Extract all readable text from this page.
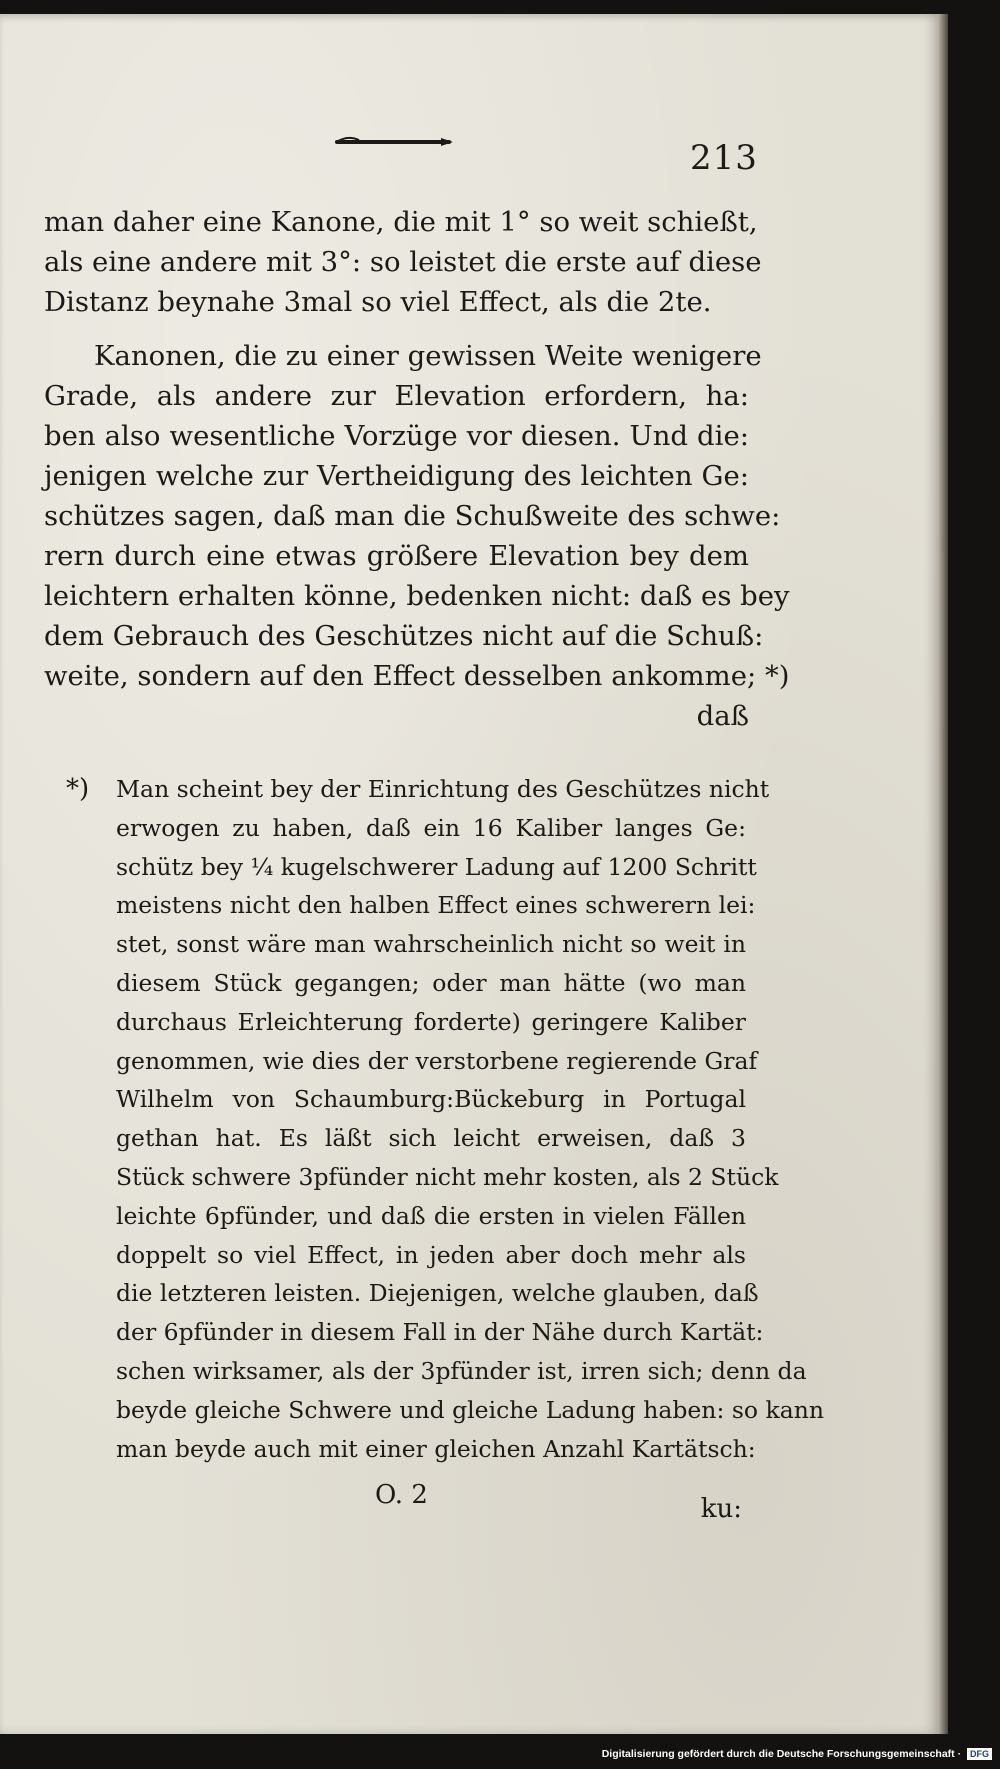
213
man daher eine Kanone, die mit 1° so weit schießt,
als eine andere mit 3°: so leistet die erste auf diese
Distanz beynahe 3mal so viel Effect, als die 2te.
Kanonen, die zu einer gewissen Weite wenigere
Grade, als andere zur Elevation erfordern, ha:
ben also wesentliche Vorzüge vor diesen. Und die:
jenigen welche zur Vertheidigung des leichten Ge:
schützes sagen, daß man die Schußweite des schwe:
rern durch eine etwas größere Elevation bey dem
leichtern erhalten könne, bedenken nicht: daß es bey
dem Gebrauch des Geschützes nicht auf die Schuß:
weite, sondern auf den Effect desselben ankomme; *)
daß
*) Man scheint bey der Einrichtung des Geschützes nicht
erwogen zu haben, daß ein 16 Kaliber langes Ge:
schütz bey ¼ kugelschwerer Ladung auf 1200 Schritt
meistens nicht den halben Effect eines schwerern lei:
stet, sonst wäre man wahrscheinlich nicht so weit in
diesem Stück gegangen; oder man hätte (wo man
durchaus Erleichterung forderte) geringere Kaliber
genommen, wie dies der verstorbene regierende Graf
Wilhelm von Schaumburg:Bückeburg in Portugal
gethan hat. Es läßt sich leicht erweisen, daß 3
Stück schwere 3pfünder nicht mehr kosten, als 2 Stück
leichte 6pfünder, und daß die ersten in vielen Fällen
doppelt so viel Effect, in jeden aber doch mehr als
die letzteren leisten. Diejenigen, welche glauben, daß
der 6pfünder in diesem Fall in der Nähe durch Kartät:
schen wirksamer, als der 3pfünder ist, irren sich; denn da
beyde gleiche Schwere und gleiche Ladung haben: so kann
man beyde auch mit einer gleichen Anzahl Kartätsch:
O. 2	ku:
Digitalisierung gefördert durch die Deutsche Forschungsgemeinschaft · DFG
